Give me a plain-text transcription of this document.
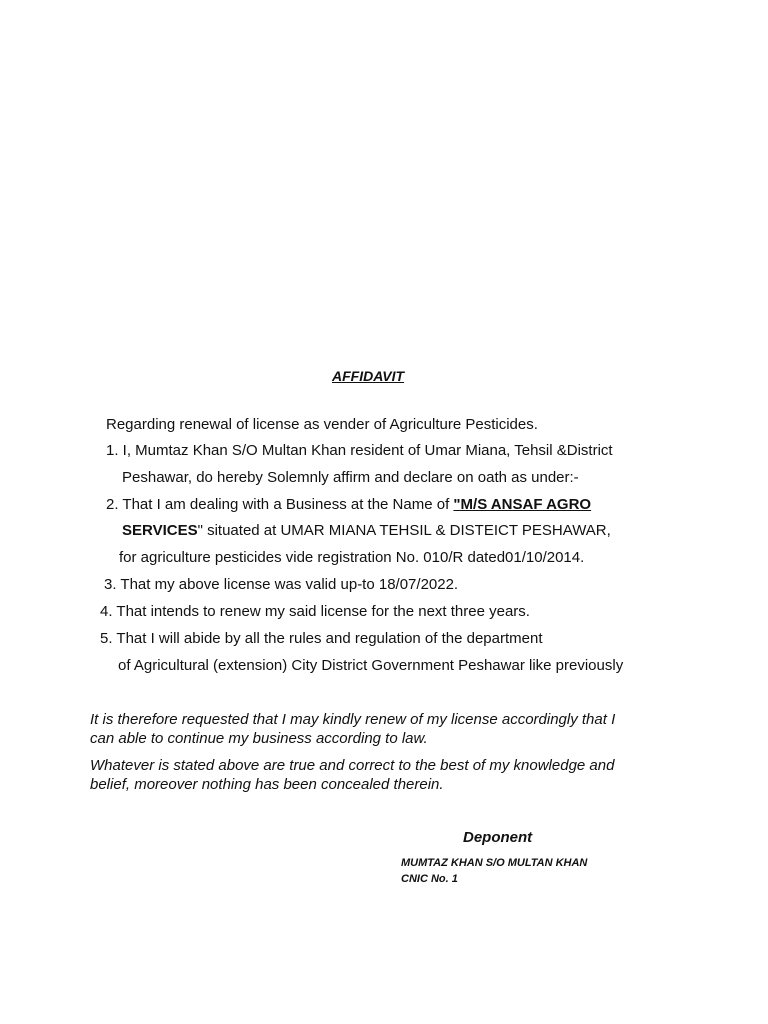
AFFIDAVIT
Regarding renewal of license as vender of Agriculture Pesticides.
1. I, Mumtaz Khan S/O Multan Khan resident of Umar Miana, Tehsil &District
Peshawar, do hereby Solemnly affirm and declare on oath as under:-
2. That I am dealing with a Business at the Name of "M/S ANSAF AGRO
SERVICES" situated at UMAR MIANA TEHSIL & DISTEICT PESHAWAR,
for agriculture pesticides vide registration No. 010/R dated01/10/2014.
3. That my above license was valid up-to 18/07/2022.
4. That intends to renew my said license for the next three years.
5. That I will abide by all the rules and regulation of the department
of Agricultural (extension) City District Government Peshawar like previously
It is therefore requested that I may kindly renew of my license accordingly that I
can able to continue my business according to law.
Whatever is stated above are true and correct to the best of my knowledge and
belief, moreover nothing has been concealed therein.
Deponent
MUMTAZ KHAN S/O MULTAN KHAN
CNIC No. 1
